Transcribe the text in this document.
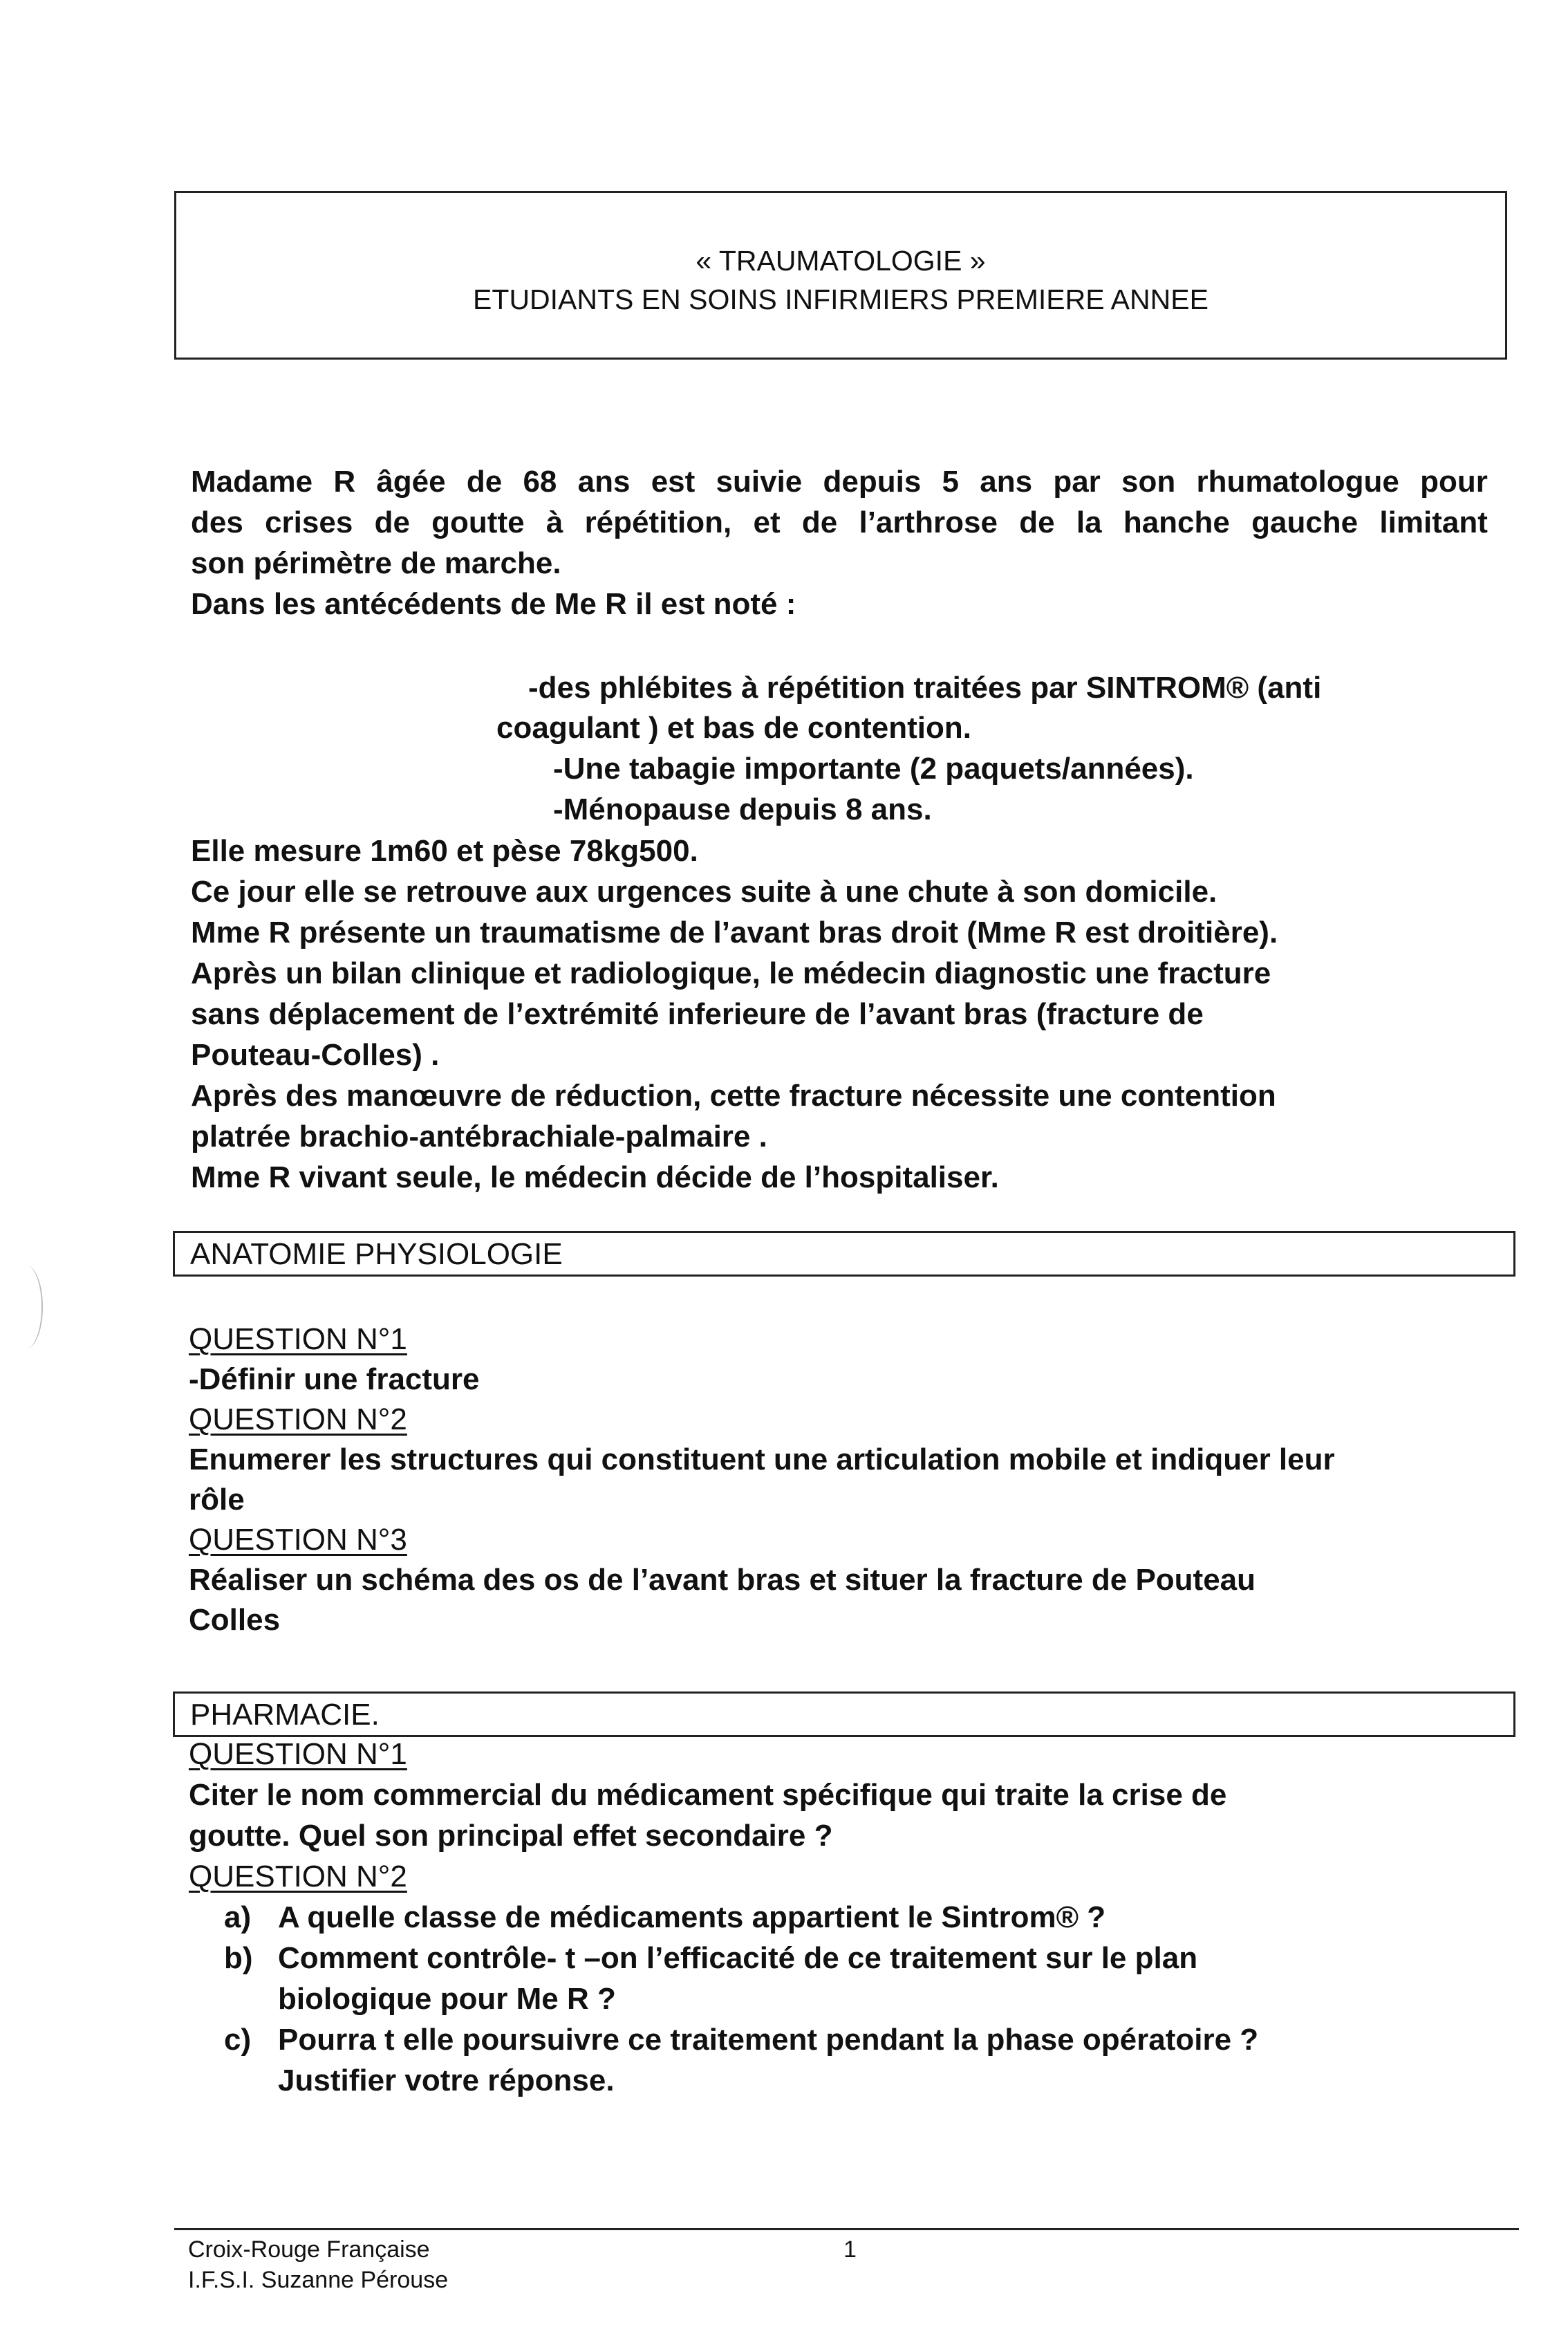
« TRAUMATOLOGIE »
ETUDIANTS EN SOINS INFIRMIERS PREMIERE ANNEE
Madame R âgée de 68 ans est suivie depuis 5 ans par son rhumatologue pour
des crises de goutte à répétition, et de l’arthrose de la hanche gauche limitant
son périmètre de marche.
Dans les antécédents de Me R il est noté :
-des phlébites à répétition traitées par SINTROM® (anti
coagulant ) et bas de contention.
-Une tabagie importante (2 paquets/années).
-Ménopause depuis 8 ans.
Elle mesure 1m60 et pèse 78kg500.
Ce jour elle se retrouve aux urgences suite à une chute à son domicile.
Mme R présente un traumatisme de l’avant bras droit (Mme R est droitière).
Après un bilan clinique et radiologique, le médecin diagnostic une fracture
sans déplacement de l’extrémité inferieure de l’avant bras (fracture de
Pouteau-Colles) .
Après des manœuvre de réduction, cette fracture nécessite une contention
platrée brachio-antébrachiale-palmaire .
Mme R vivant seule, le médecin décide de l’hospitaliser.
ANATOMIE PHYSIOLOGIE
QUESTION N°1
-Définir une fracture
QUESTION N°2
Enumerer les structures qui constituent une articulation mobile et indiquer leur
rôle
QUESTION N°3
Réaliser un schéma des os de l’avant bras et situer la fracture de Pouteau
Colles
PHARMACIE.
QUESTION N°1
Citer le nom commercial du médicament spécifique qui traite la crise de
goutte. Quel son principal effet secondaire ?
QUESTION N°2
a) A quelle classe de médicaments appartient le Sintrom® ?
b) Comment contrôle- t –on l’efficacité de ce traitement sur le plan
biologique pour Me R ?
c) Pourra t elle poursuivre ce traitement pendant la phase opératoire ?
Justifier votre réponse.
Croix-Rouge Française
I.F.S.I. Suzanne Pérouse
1
